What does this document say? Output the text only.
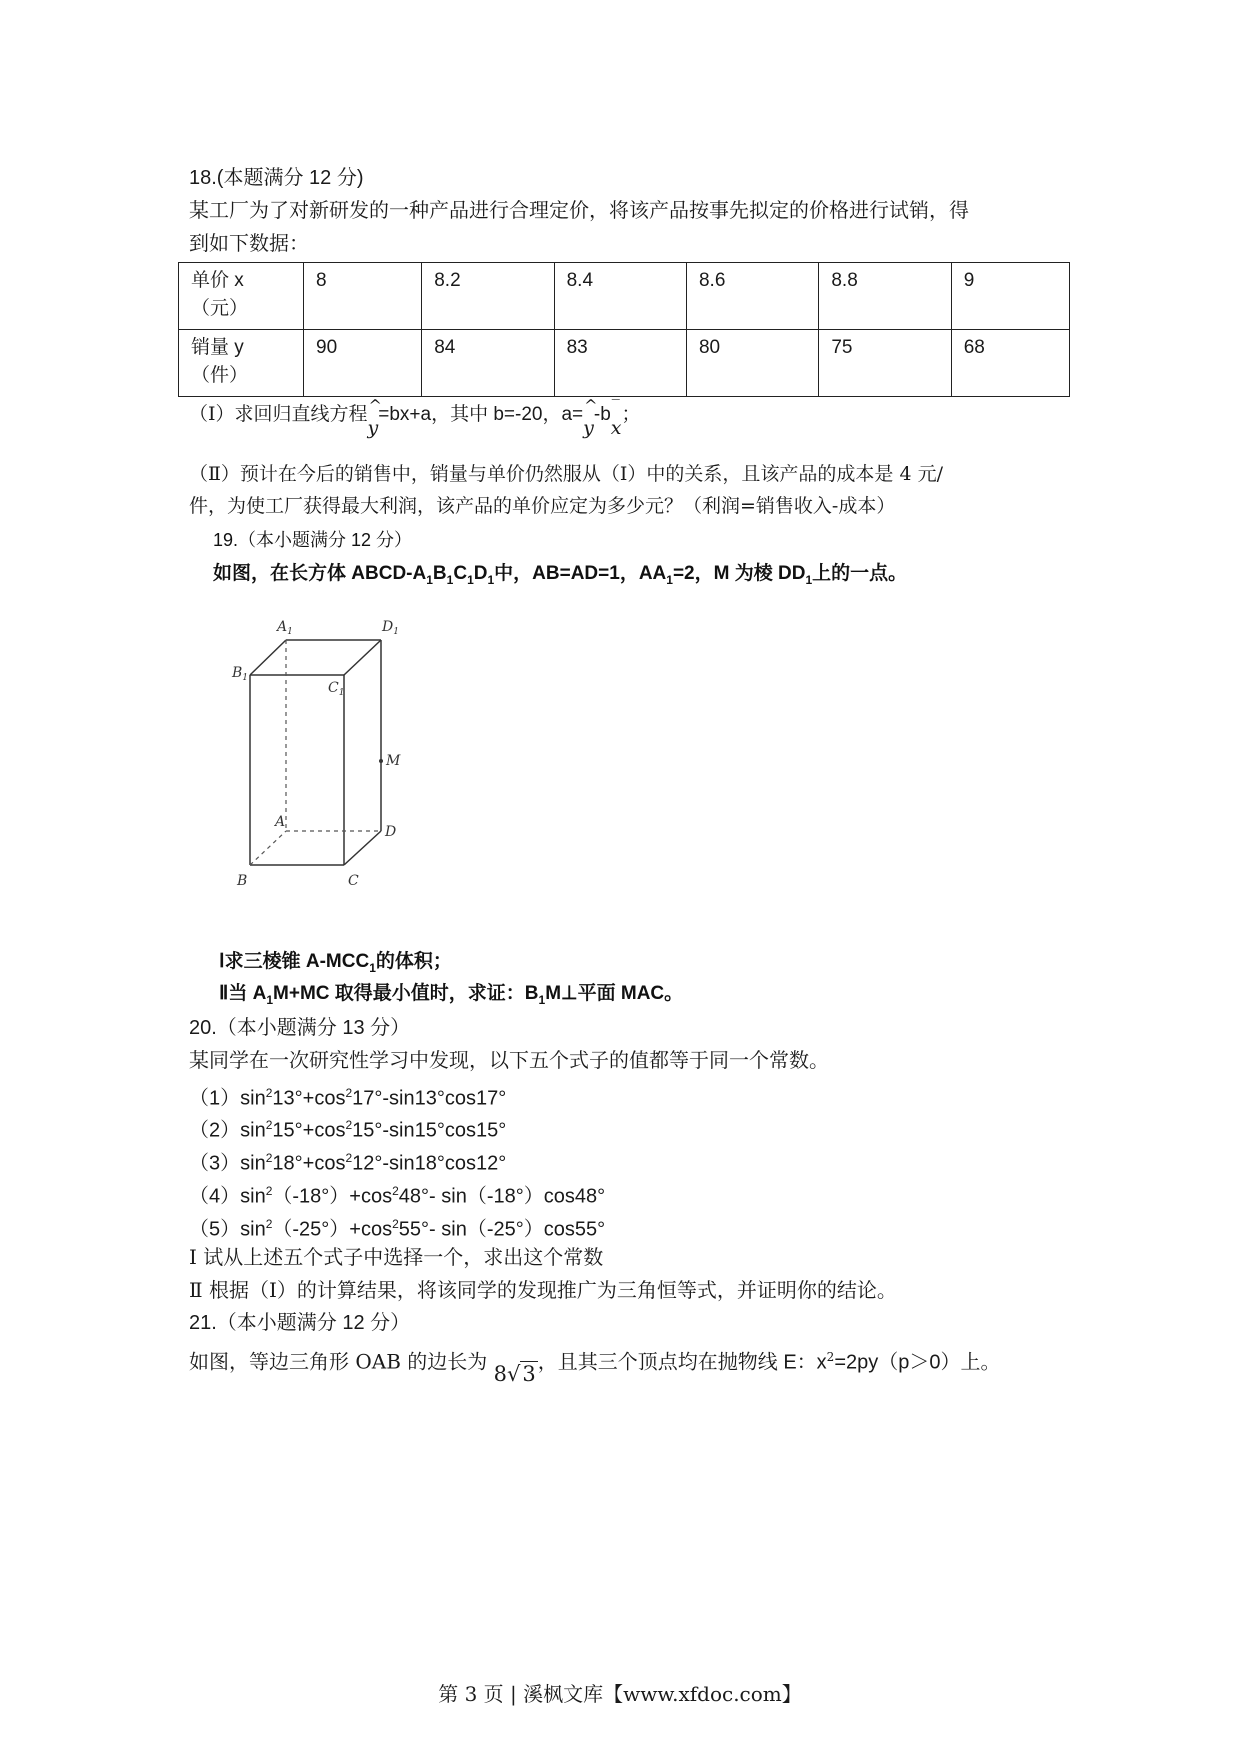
18.(本题满分 12 分)
某工厂为了对新研发的一种产品进行合理定价，将该产品按事先拟定的价格进行试销，得
到如下数据：
单价 x
（元）	8	8.2	8.4	8.6	8.8	9

销量 y
（件）	90	84	83	80	75	68
（Ⅰ）求回归直线方程 ^
y=bx+a，其中 b=-20，a= ^
y-b ‾
x；
（Ⅱ）预计在今后的销售中，销量与单价仍然服从（Ⅰ）中的关系，且该产品的成本是 4 元/
件，为使工厂获得最大利润，该产品的单价应定为多少元？（利润=销售收入-成本）
19.（本小题满分 12 分）
如图，在长方体 ABCD-$A_1B_1C_1D_1$中，AB=AD=1，$AA_1=2$，M 为棱 $DD_1$上的一点。
$A_1$	$D_1$
$B_1$
$C_1$
M
A
D
B	C
Ⅰ求三棱锥 $A-MCC_1$的体积；
Ⅱ当 $A_1M+MC$ 取得最小值时，求证：$B_1M\perp$平面 MAC。
20.（本小题满分 13 分）
某同学在一次研究性学习中发现，以下五个式子的值都等于同一个常数。
$(1)\sin^213^\circ+\cos^217^\circ-\sin 13^\circ\cos 17^\circ$
$(2)\sin^215^\circ+\cos^215^\circ-\sin 15^\circ\cos 15^\circ$
$(3)\sin^218^\circ+\cos^212^\circ-\sin 18^\circ\cos 12^\circ$
$(4)\sin^2(-18^\circ)+\cos^248^\circ-$ sin（-18°）cos48°
$(5)\sin^2(-25^\circ)+\cos^255^\circ-$ sin（-25°）cos55°
Ⅰ 试从上述五个式子中选择一个，求出这个常数
Ⅱ 根据（Ⅰ）的计算结果，将该同学的发现推广为三角恒等式，并证明你的结论。
21.（本小题满分 12 分）
如图，等边三角形 OAB 的边长为 8√3 ，且其三个顶点均在抛物线 E：$x^2=2py(p>0)$上。
第 3 页 | 溪枫文库【www.xfdoc.com】
